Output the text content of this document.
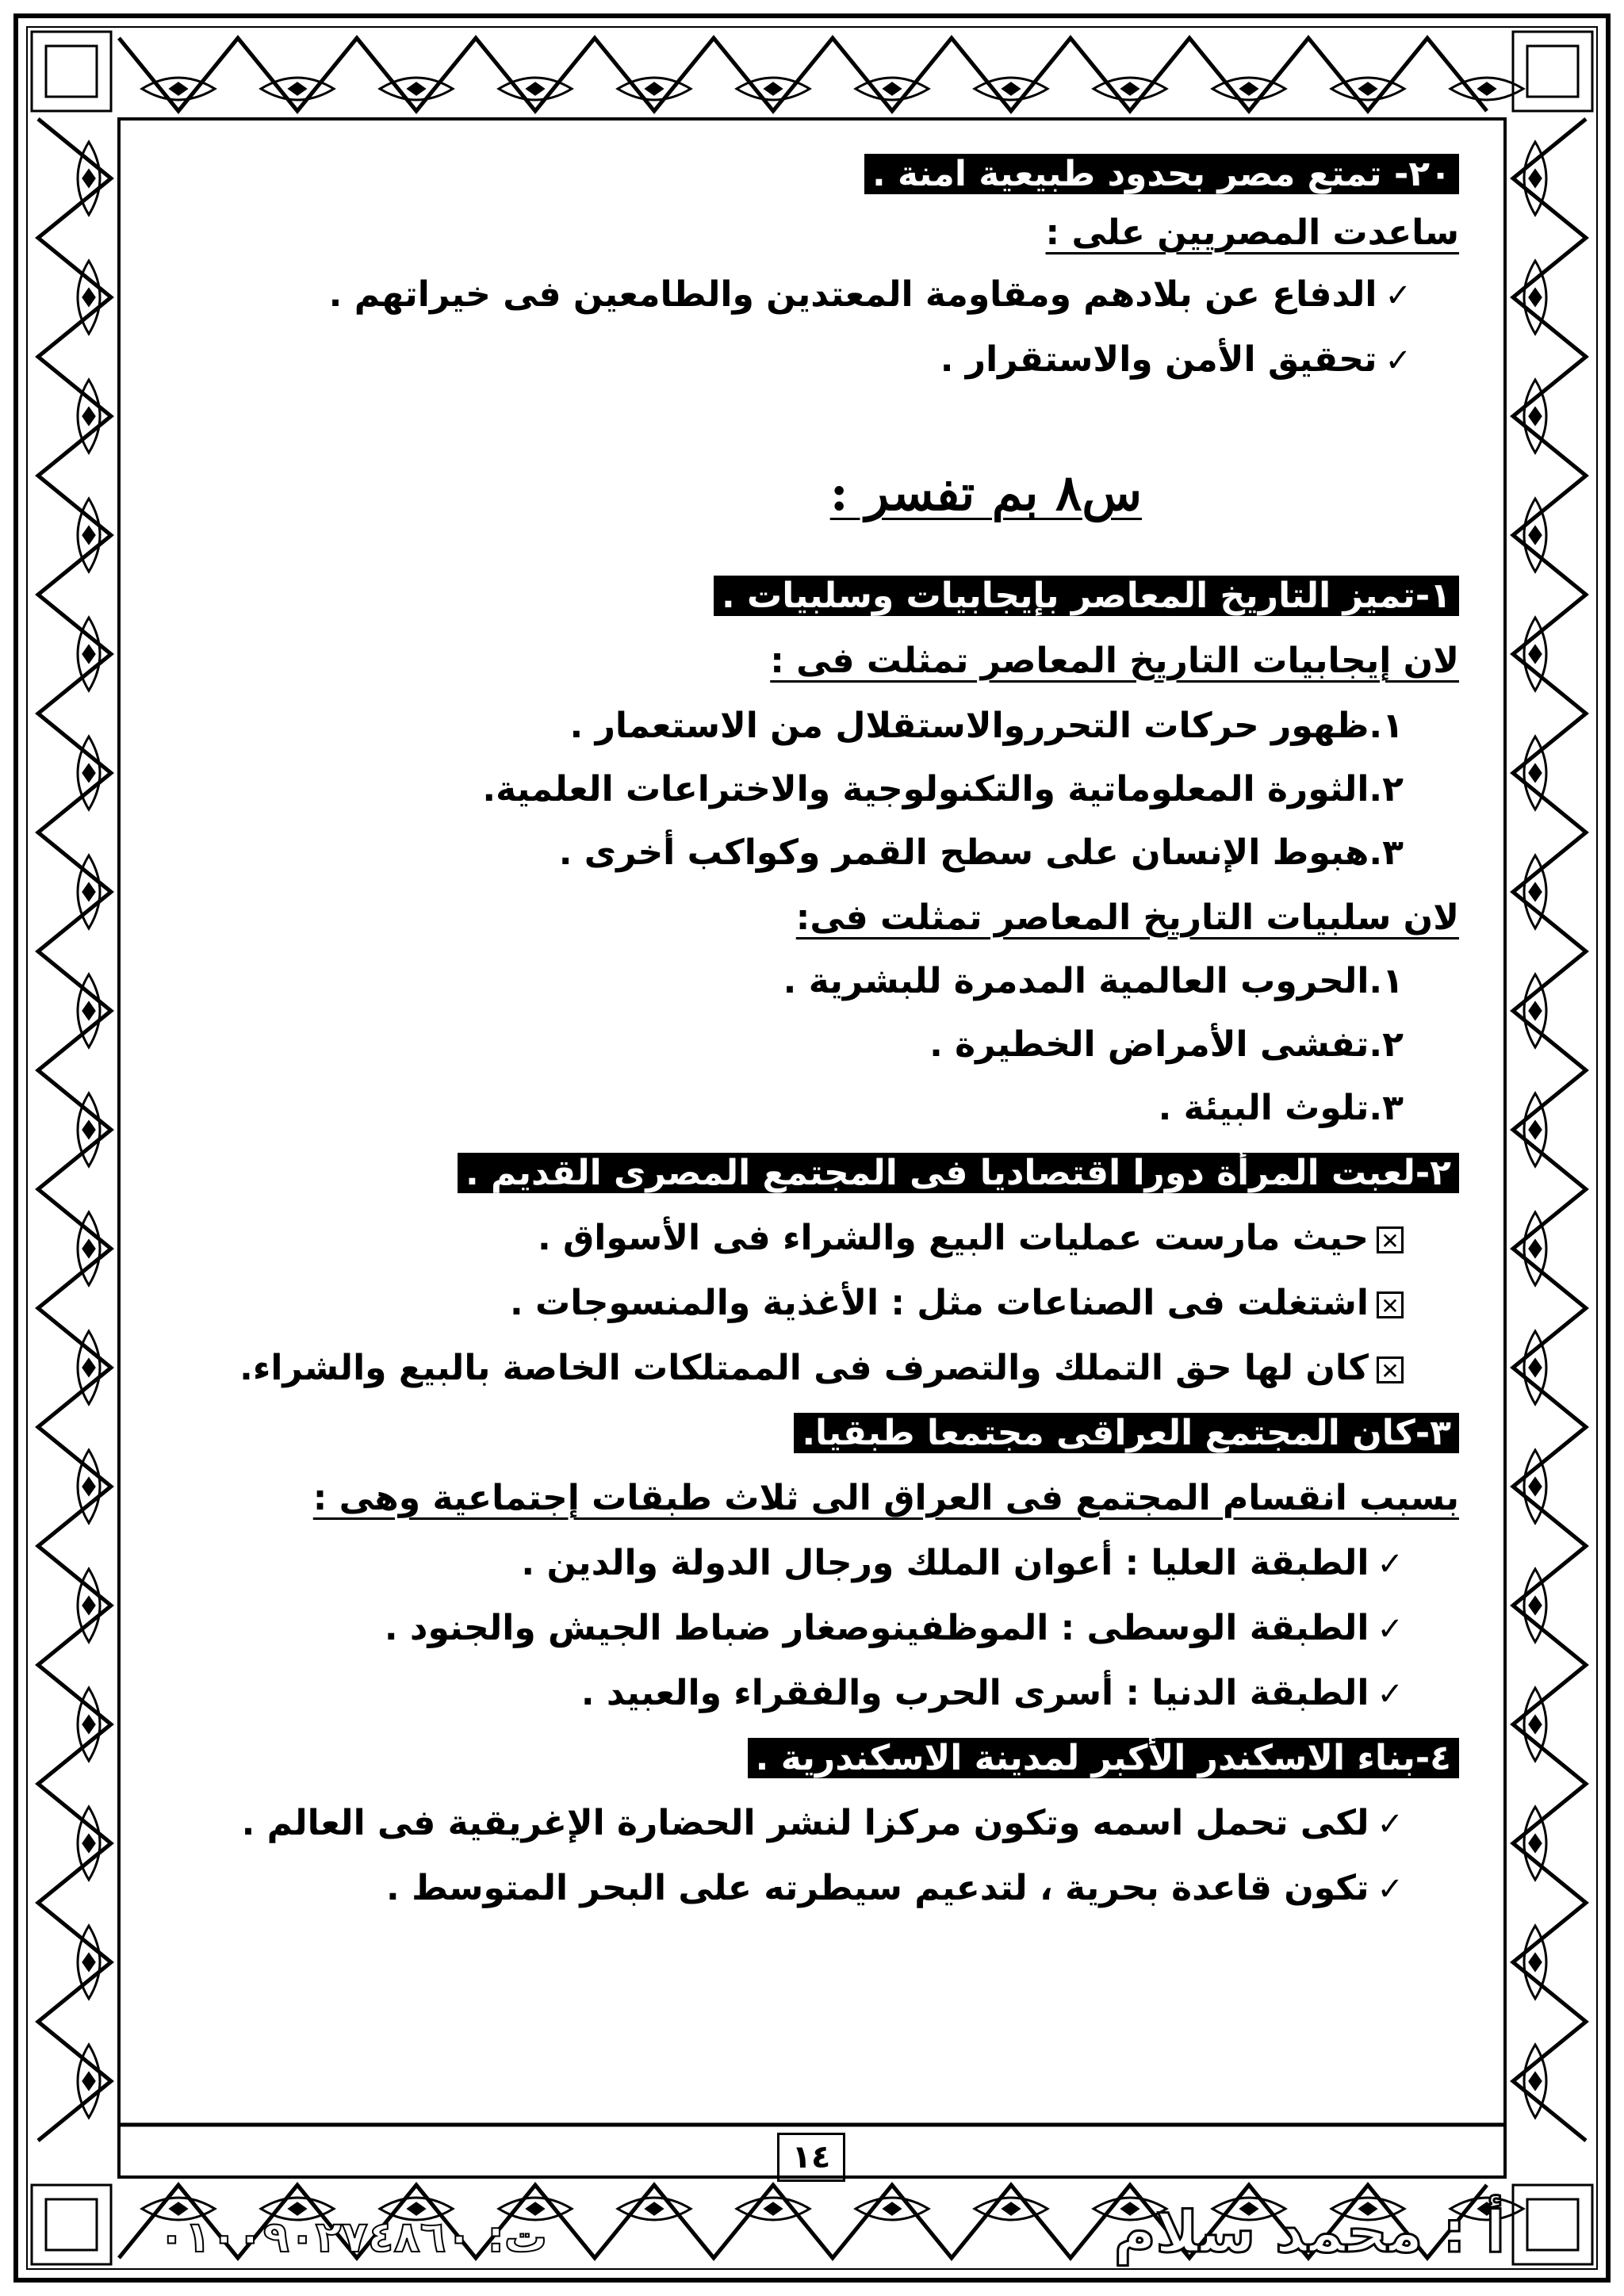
٢٠- تمتع مصر بحدود طبيعية امنة .
ساعدت المصريين على :
✓الدفاع عن بلادهم ومقاومة المعتدين والطامعين فى خيراتهم .
✓تحقيق الأمن والاستقرار .
س٨ بم تفسر :
١-تميز التاريخ المعاصر بإيجابيات وسلبيات .
لان إيجابيات التاريخ المعاصر تمثلت فى :
١.ظهور حركات التحرروالاستقلال من الاستعمار .
٢.الثورة المعلوماتية والتكنولوجية والاختراعات العلمية.
٣.هبوط الإنسان على سطح القمر وكواكب أخرى .
لان سلبيات التاريخ المعاصر تمثلت فى:
١.الحروب العالمية المدمرة للبشرية .
٢.تفشى الأمراض الخطيرة .
٣.تلوث البيئة .
٢-لعبت المرأة دورا اقتصاديا فى المجتمع المصرى القديم .
✕حيث مارست عمليات البيع والشراء فى الأسواق .
✕اشتغلت فى الصناعات مثل : الأغذية والمنسوجات .
✕كان لها حق التملك والتصرف فى الممتلكات الخاصة بالبيع والشراء.
٣-كان المجتمع العراقى مجتمعا طبقيا.
بسبب انقسام المجتمع فى العراق الى ثلاث طبقات إجتماعية وهى :
✓الطبقة العليا : أعوان الملك ورجال الدولة والدين .
✓الطبقة الوسطى : الموظفينوصغار ضباط الجيش والجنود .
✓الطبقة الدنيا : أسرى الحرب والفقراء والعبيد .
٤-بناء الاسكندر الأكبر لمدينة الاسكندرية .
✓لكى تحمل اسمه وتكون مركزا لنشر الحضارة الإغريقية فى العالم .
✓تكون قاعدة بحرية ، لتدعيم سيطرته على البحر المتوسط .
١٤
أ : محمد سلام
ت: ٠١٠٠٩٠٢٧٤٨٦٠
